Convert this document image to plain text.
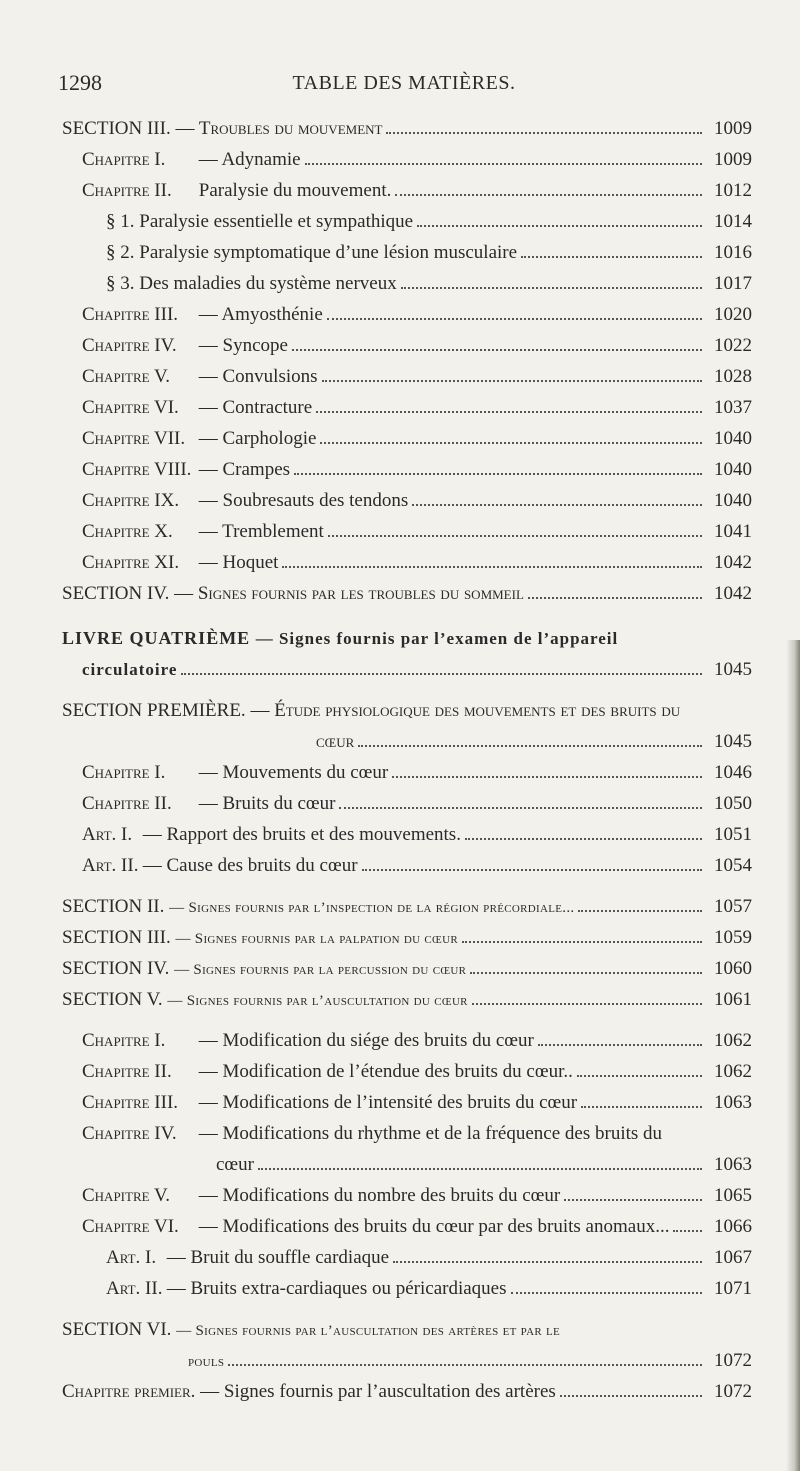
1298	TABLE DES MATIÈRES.
SECTION III. — Troubles du mouvement	1009
Chapitre I. — Adynamie	1009
Chapitre II. Paralysie du mouvement.	1012
§ 1. Paralysie essentielle et sympathique	1014
§ 2. Paralysie symptomatique d’une lésion musculaire	1016
§ 3. Des maladies du système nerveux	1017
Chapitre III. — Amyosthénie	1020
Chapitre IV. — Syncope	1022
Chapitre V. — Convulsions	1028
Chapitre VI. — Contracture	1037
Chapitre VII. — Carphologie	1040
Chapitre VIII. — Crampes	1040
Chapitre IX. — Soubresauts des tendons	1040
Chapitre X. — Tremblement	1041
Chapitre XI. — Hoquet	1042
SECTION IV. — Signes fournis par les troubles du sommeil	1042
LIVRE QUATRIÈME — Signes fournis par l’examen de l’appareil
circulatoire	1045
SECTION PREMIÈRE. — Étude physiologique des mouvements et des bruits du
cœur	1045
Chapitre I. — Mouvements du cœur	1046
Chapitre II. — Bruits du cœur	1050
Art. I. — Rapport des bruits et des mouvements.	1051
Art. II. — Cause des bruits du cœur	1054
SECTION II. — Signes fournis par l’inspection de la région précordiale...	1057
SECTION III. — Signes fournis par la palpation du cœur	1059
SECTION IV. — Signes fournis par la percussion du cœur	1060
SECTION V. — Signes fournis par l’auscultation du cœur	1061
Chapitre I. — Modification du siége des bruits du cœur	1062
Chapitre II. — Modification de l’étendue des bruits du cœur..	1062
Chapitre III. — Modifications de l’intensité des bruits du cœur	1063
Chapitre IV. — Modifications du rhythme et de la fréquence des bruits du
cœur	1063
Chapitre V. — Modifications du nombre des bruits du cœur	1065
Chapitre VI. — Modifications des bruits du cœur par des bruits anomaux...	1066
Art. I. — Bruit du souffle cardiaque	1067
Art. II. — Bruits extra-cardiaques ou péricardiaques	1071
SECTION VI. — Signes fournis par l’auscultation des artères et par le
pouls	1072
Chapitre premier. — Signes fournis par l’auscultation des artères	1072
